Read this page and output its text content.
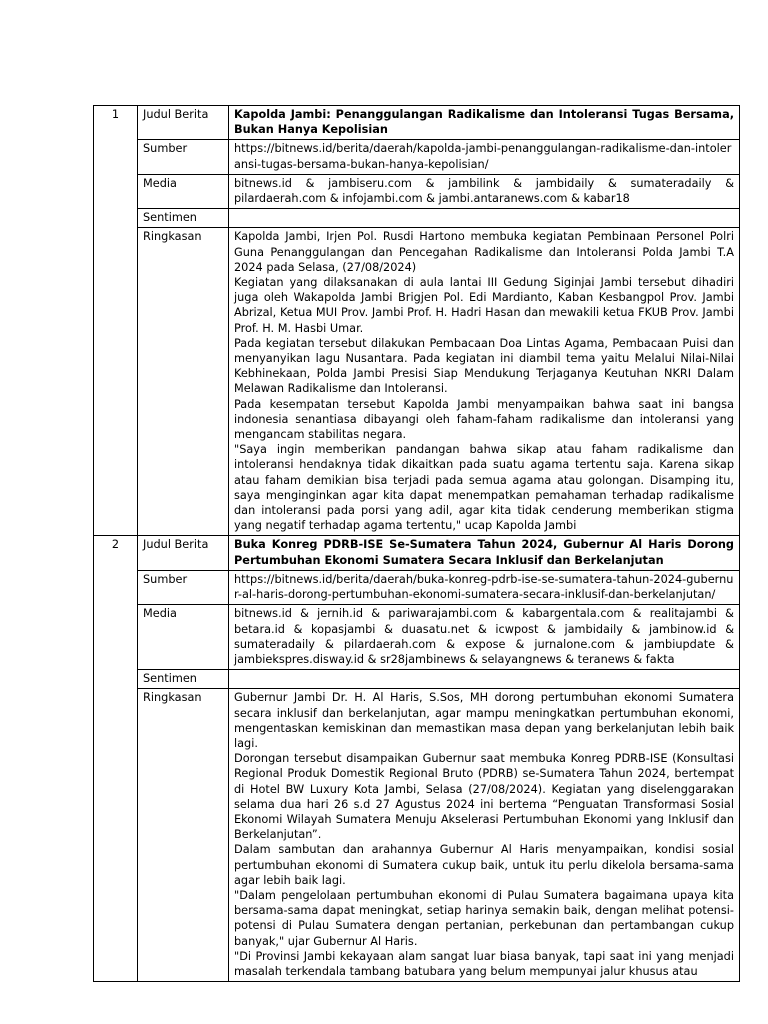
1	Judul Berita	Kapolda Jambi: Penanggulangan Radikalisme dan Intoleransi Tugas Bersama, Bukan Hanya Kepolisian
	Sumber	https://bitnews.id/berita/daerah/kapolda-jambi-penanggulangan-radikalisme-dan-intoleransi-tugas-bersama-bukan-hanya-kepolisian/
	Media	bitnews.id & jambiseru.com & jambilink & jambidaily & sumateradaily & pilardaerah.com & infojambi.com & jambi.antaranews.com & kabar18
	Sentimen	
	Ringkasan	Kapolda Jambi, Irjen Pol. Rusdi Hartono membuka kegiatan Pembinaan Personel Polri Guna Penanggulangan dan Pencegahan Radikalisme dan Intoleransi Polda Jambi T.A 2024 pada Selasa, (27/08/2024)

Kegiatan yang dilaksanakan di aula lantai III Gedung Siginjai Jambi tersebut dihadiri juga oleh Wakapolda Jambi Brigjen Pol. Edi Mardianto, Kaban Kesbangpol Prov. Jambi Abrizal, Ketua MUI Prov. Jambi Prof. H. Hadri Hasan dan mewakili ketua FKUB Prov. Jambi Prof. H. M. Hasbi Umar.

Pada kegiatan tersebut dilakukan Pembacaan Doa Lintas Agama, Pembacaan Puisi dan menyanyikan lagu Nusantara. Pada kegiatan ini diambil tema yaitu Melalui Nilai-Nilai Kebhinekaan, Polda Jambi Presisi Siap Mendukung Terjaganya Keutuhan NKRI Dalam Melawan Radikalisme dan Intoleransi.

Pada kesempatan tersebut Kapolda Jambi menyampaikan bahwa saat ini bangsa indonesia senantiasa dibayangi oleh faham-faham radikalisme dan intoleransi yang mengancam stabilitas negara.

"Saya ingin memberikan pandangan bahwa sikap atau faham radikalisme dan intoleransi hendaknya tidak dikaitkan pada suatu agama tertentu saja. Karena sikap atau faham demikian bisa terjadi pada semua agama atau golongan. Disamping itu, saya menginginkan agar kita dapat menempatkan pemahaman terhadap radikalisme dan intoleransi pada porsi yang adil, agar kita tidak cenderung memberikan stigma yang negatif terhadap agama tertentu," ucap Kapolda Jambi

2	Judul Berita	Buka Konreg PDRB-ISE Se-Sumatera Tahun 2024, Gubernur Al Haris Dorong Pertumbuhan Ekonomi Sumatera Secara Inklusif dan Berkelanjutan
	Sumber	https://bitnews.id/berita/daerah/buka-konreg-pdrb-ise-se-sumatera-tahun-2024-gubernur-al-haris-dorong-pertumbuhan-ekonomi-sumatera-secara-inklusif-dan-berkelanjutan/
	Media	bitnews.id & jernih.id & pariwarajambi.com & kabargentala.com & realitajambi & betara.id & kopasjambi & duasatu.net & icwpost & jambidaily & jambinow.id & sumateradaily & pilardaerah.com & expose & jurnalone.com & jambiupdate & jambiekspres.disway.id & sr28jambinews & selayangnews & teranews & fakta
	Sentimen	
	Ringkasan	Gubernur Jambi Dr. H. Al Haris, S.Sos, MH dorong pertumbuhan ekonomi Sumatera secara inklusif dan berkelanjutan, agar mampu meningkatkan pertumbuhan ekonomi, mengentaskan kemiskinan dan memastikan masa depan yang berkelanjutan lebih baik lagi.

Dorongan tersebut disampaikan Gubernur saat membuka Konreg PDRB-ISE (Konsultasi Regional Produk Domestik Regional Bruto (PDRB) se-Sumatera Tahun 2024, bertempat di Hotel BW Luxury Kota Jambi, Selasa (27/08/2024). Kegiatan yang diselenggarakan selama dua hari 26 s.d 27 Agustus 2024 ini bertema “Penguatan Transformasi Sosial Ekonomi Wilayah Sumatera Menuju Akselerasi Pertumbuhan Ekonomi yang Inklusif dan Berkelanjutan”.

Dalam sambutan dan arahannya Gubernur Al Haris menyampaikan, kondisi sosial pertumbuhan ekonomi di Sumatera cukup baik, untuk itu perlu dikelola bersama-sama agar lebih baik lagi.

"Dalam pengelolaan pertumbuhan ekonomi di Pulau Sumatera bagaimana upaya kita bersama-sama dapat meningkat, setiap harinya semakin baik, dengan melihat potensi-potensi di Pulau Sumatera dengan pertanian, perkebunan dan pertambangan cukup banyak," ujar Gubernur Al Haris.

"Di Provinsi Jambi kekayaan alam sangat luar biasa banyak, tapi saat ini yang menjadi masalah terkendala tambang batubara yang belum mempunyai jalur khusus atau
